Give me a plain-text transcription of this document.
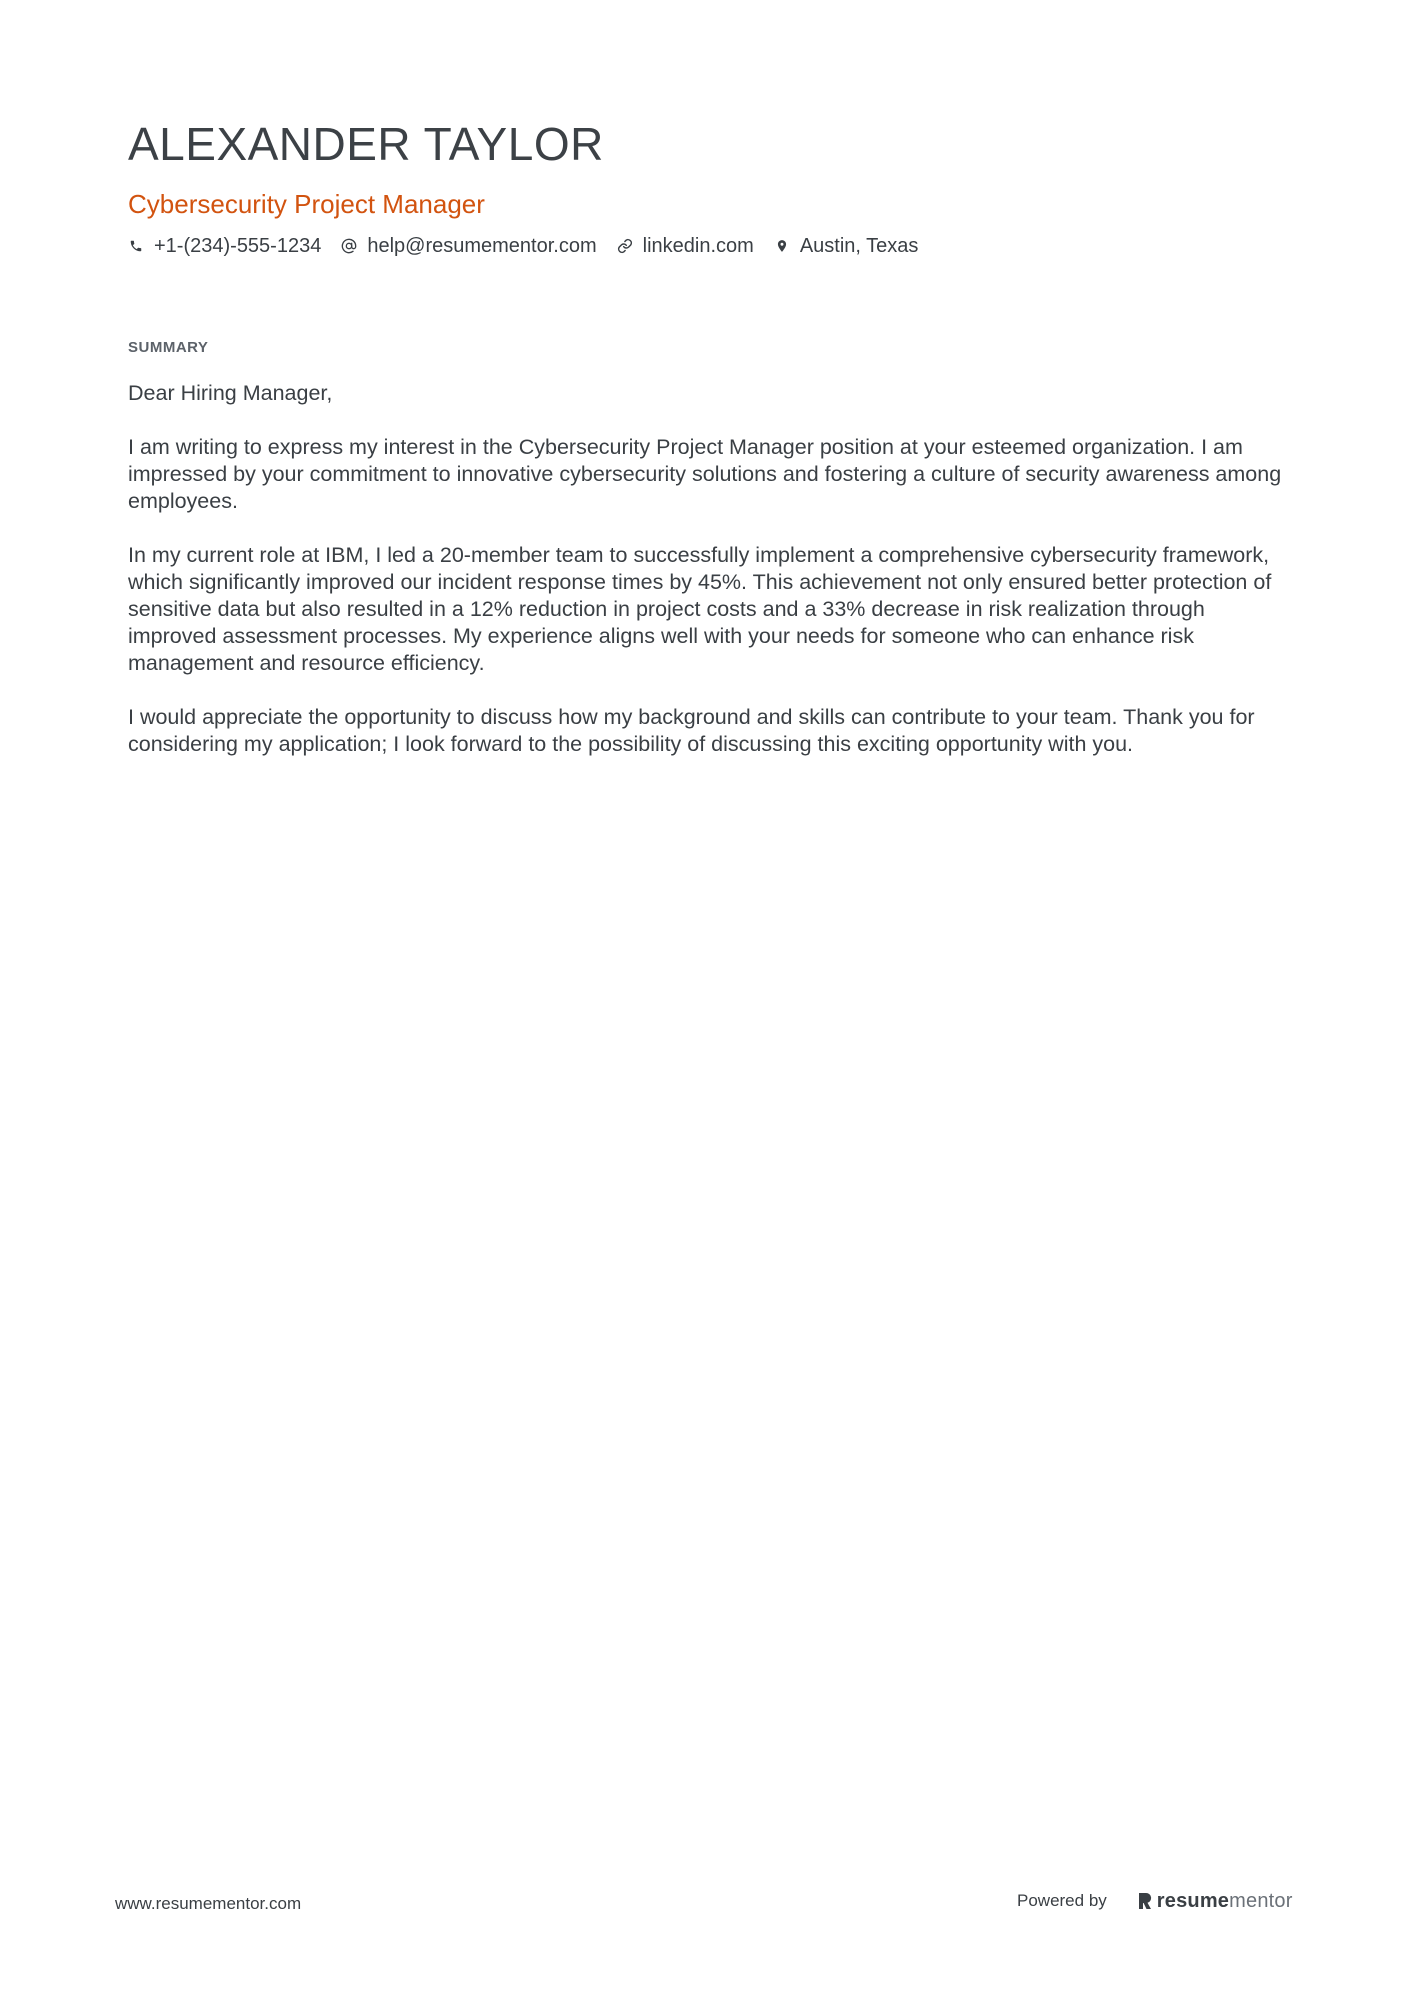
ALEXANDER TAYLOR
Cybersecurity Project Manager
+1-(234)-555-1234 help@resumementor.com linkedin.com Austin, Texas
SUMMARY

Dear Hiring Manager,

I am writing to express my interest in the Cybersecurity Project Manager position at your esteemed organization. I am impressed by your commitment to innovative cybersecurity solutions and fostering a culture of security awareness among employees.

In my current role at IBM, I led a 20-member team to successfully implement a comprehensive cybersecurity framework, which significantly improved our incident response times by 45%. This achievement not only ensured better protection of sensitive data but also resulted in a 12% reduction in project costs and a 33% decrease in risk realization through improved assessment processes. My experience aligns well with your needs for someone who can enhance risk management and resource efficiency.

I would appreciate the opportunity to discuss how my background and skills can contribute to your team. Thank you for considering my application; I look forward to the possibility of discussing this exciting opportunity with you.

www.resumementor.com	Powered by	resume mentor
